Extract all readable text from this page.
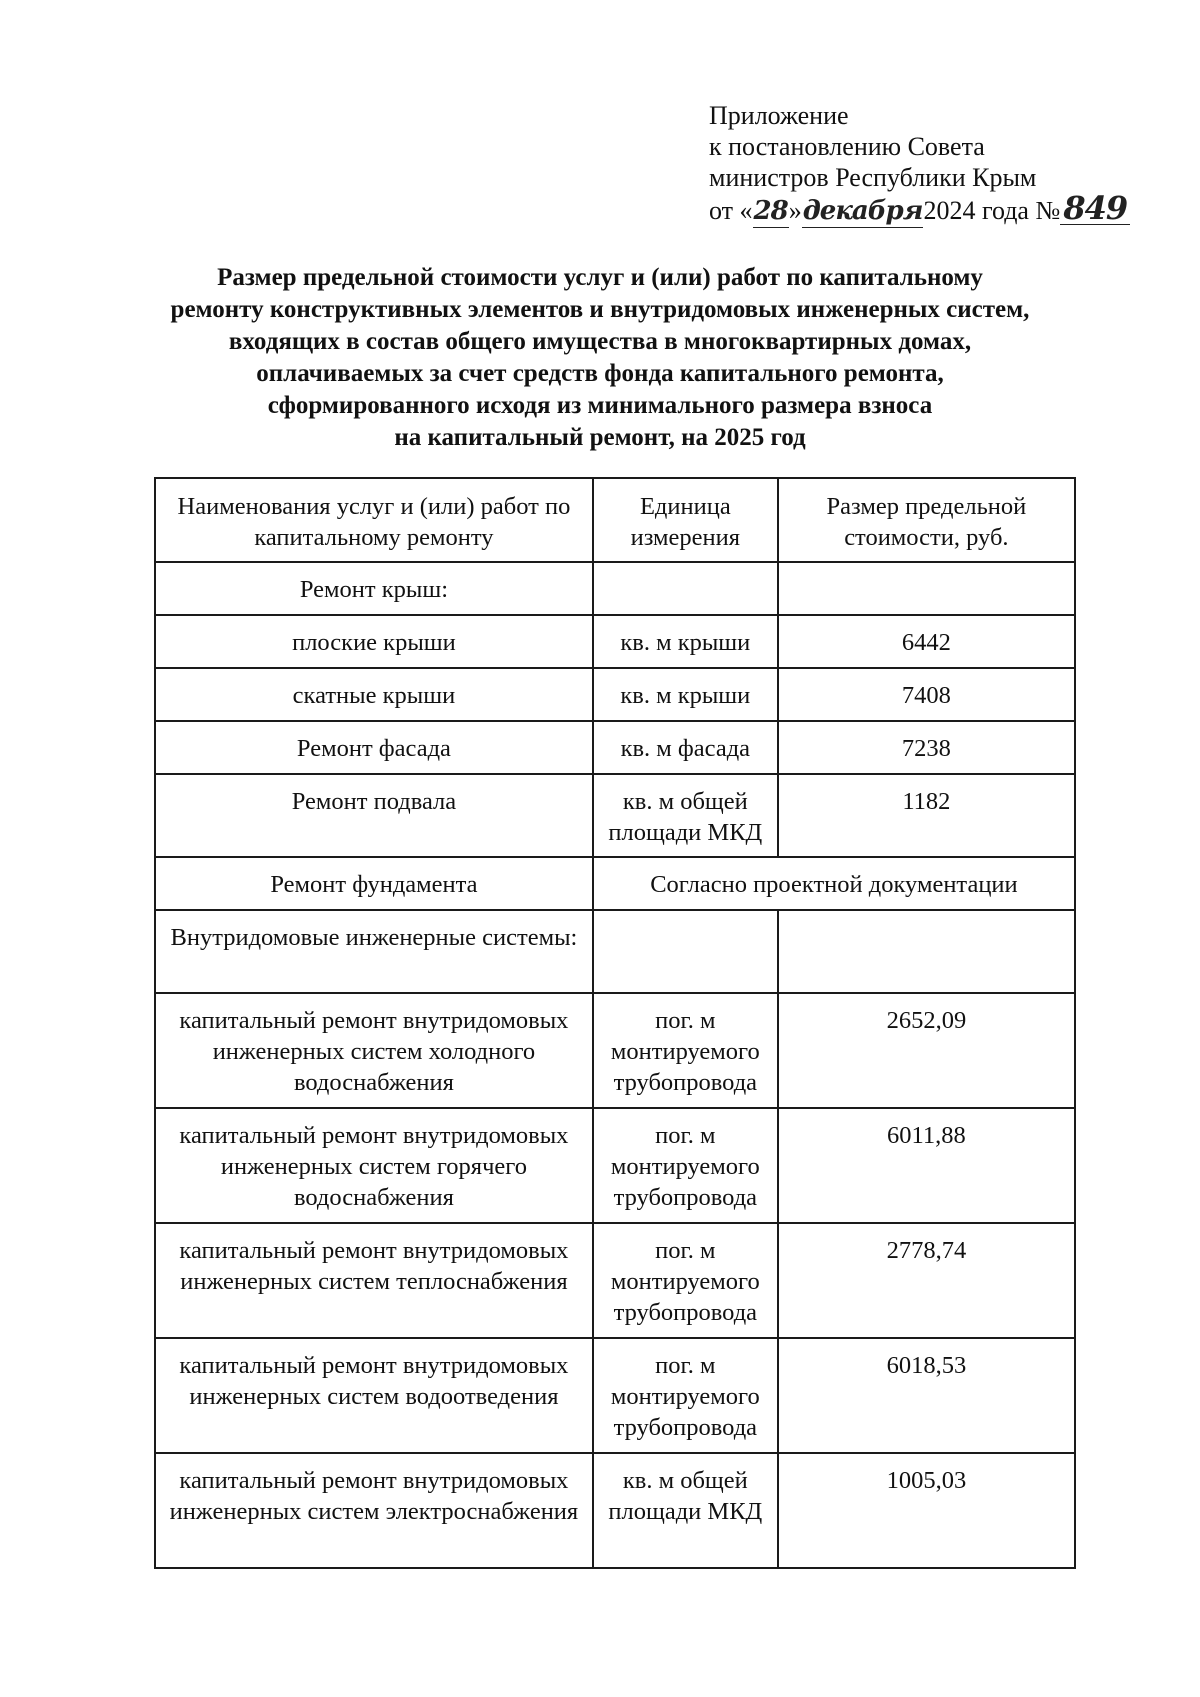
Приложение
к постановлению Совета
министров Республики Крым
от «28»декабря2024 года №849
Размер предельной стоимости услуг и (или) работ по капитальному
ремонту конструктивных элементов и внутридомовых инженерных систем,
входящих в состав общего имущества в многоквартирных домах,
оплачиваемых за счет средств фонда капитального ремонта,
сформированного исходя из минимального размера взноса
на капитальный ремонт, на 2025 год
Наименования услуг и (или) работ по капитальному ремонту	Единица измерения	Размер предельной стоимости, руб.
Ремонт крыш:		
плоские крыши	кв. м крыши	6442
скатные крыши	кв. м крыши	7408
Ремонт фасада	кв. м фасада	7238
Ремонт подвала	кв. м общей площади МКД	1182
Ремонт фундамента	Согласно проектной документации	
Внутридомовые инженерные системы:		
капитальный ремонт внутридомовых инженерных систем холодного водоснабжения	пог. м монтируемого трубопровода	2652,09
капитальный ремонт внутридомовых инженерных систем горячего водоснабжения	пог. м монтируемого трубопровода	6011,88
капитальный ремонт внутридомовых инженерных систем теплоснабжения	пог. м монтируемого трубопровода	2778,74
капитальный ремонт внутридомовых инженерных систем водоотведения	пог. м монтируемого трубопровода	6018,53
капитальный ремонт внутридомовых инженерных систем электроснабжения	кв. м общей площади МКД	1005,03
